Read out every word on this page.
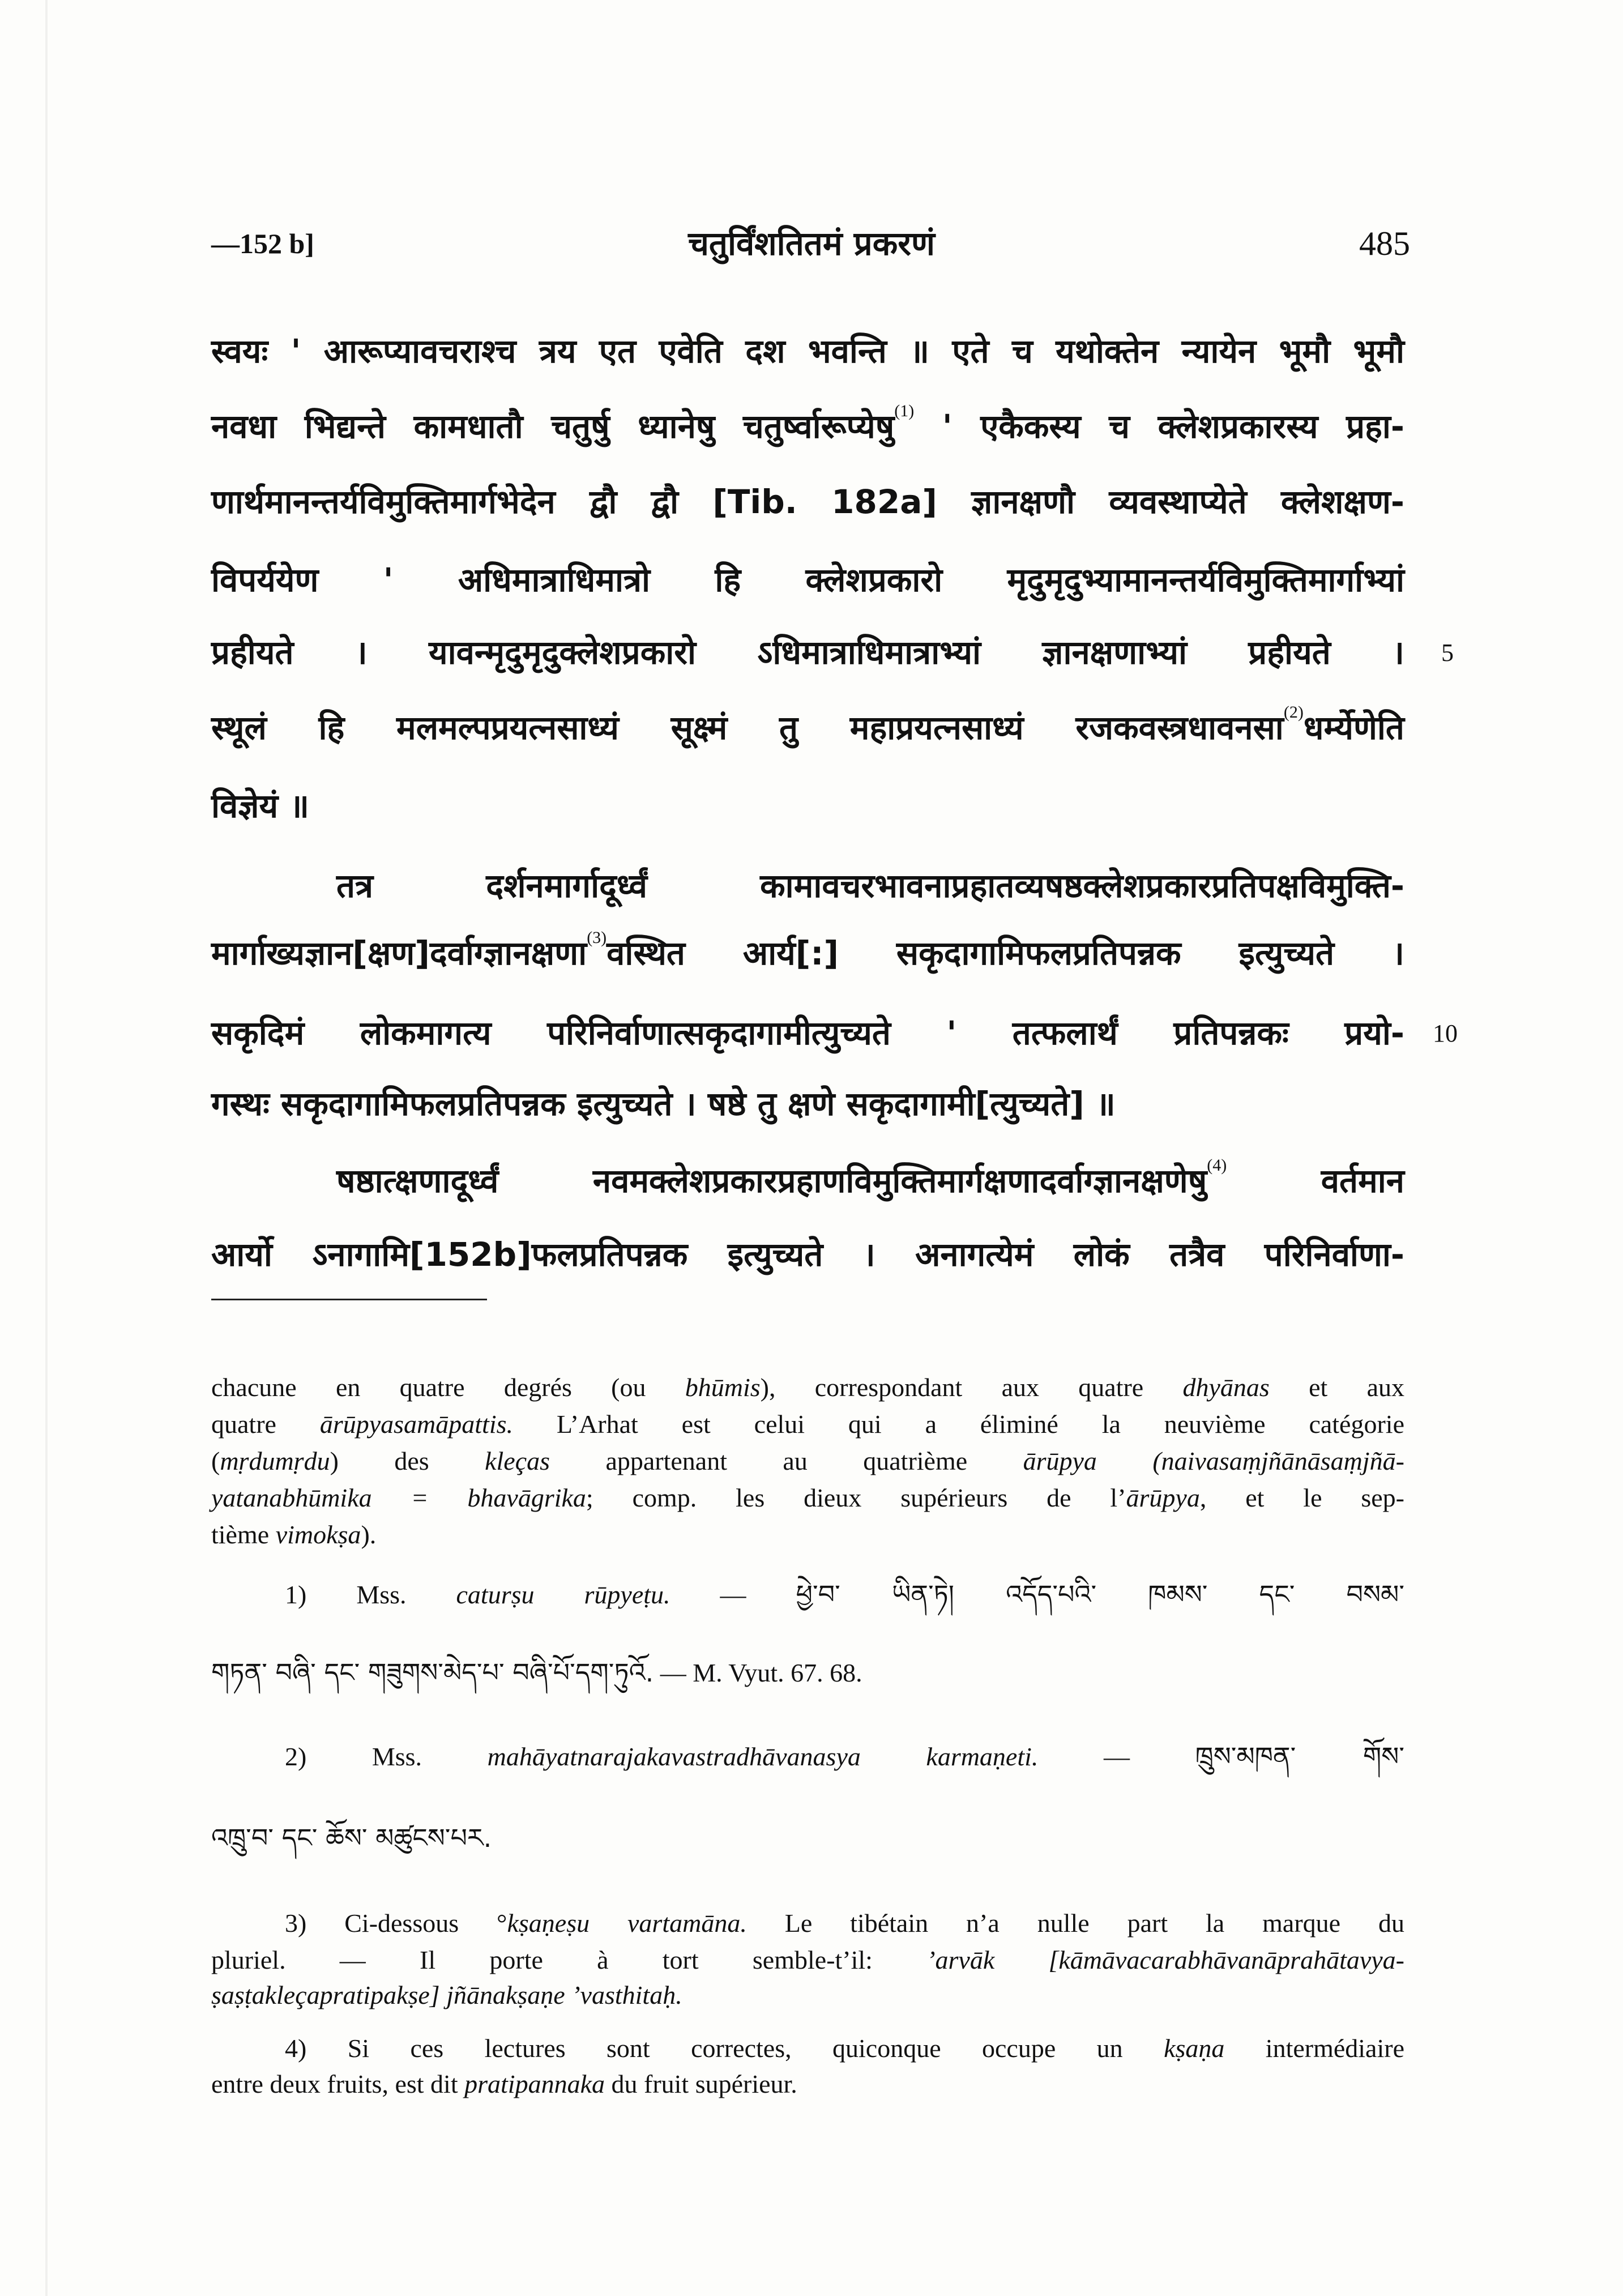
—152 b]	चतुर्विंशतितमं प्रकरणं	485
स्वयः ' आरूप्यावचराश्च त्रय एत एवेति दश भवन्ति ॥ एते च यथोक्तेन न्यायेन भूमौ भूमौ
नवधा भिद्यन्ते कामधातौ चतुर्षु ध्यानेषु चतुर्ष्वारूप्येषु$^{(1)}$ ' एकैकस्य च क्लेशप्रकारस्य प्रहा-
णार्थमानन्तर्यविमुक्तिमार्गभेदेन द्वौ द्वौ [Tib. 182a] ज्ञानक्षणौ व्यवस्थाप्येते क्लेशक्षण-
विपर्ययेण ' अधिमात्राधिमात्रो हि क्लेशप्रकारो मृदुमृदुभ्यामानन्तर्यविमुक्तिमार्गाभ्यां
प्रहीयते । यावन्मृदुमृदुक्लेशप्रकारो ऽधिमात्राधिमात्राभ्यां ज्ञानक्षणाभ्यां प्रहीयते । 5
स्थूलं हि मलमल्पप्रयत्नसाध्यं सूक्ष्मं तु महाप्रयत्नसाध्यं रजकवस्त्रधावनसा$^{(2)}$धर्म्येणेति
विज्ञेयं ॥
तत्र दर्शनमार्गादूर्ध्वं कामावचरभावनाप्रहातव्यषष्ठक्लेशप्रकारप्रतिपक्षविमुक्ति-
मार्गाख्यज्ञान[क्षण]दर्वाग्ज्ञानक्षणा$^{(3)}$वस्थित आर्य[:] सकृदागामिफलप्रतिपन्नक इत्युच्यते ।
सकृदिमं लोकमागत्य परिनिर्वाणात्सकृदागामीत्युच्यते ' तत्फलार्थं प्रतिपन्नकः प्रयो- 10
गस्थः सकृदागामिफलप्रतिपन्नक इत्युच्यते । षष्ठे तु क्षणे सकृदागामी[त्युच्यते] ॥
षष्ठात्क्षणादूर्ध्वं नवमक्लेशप्रकारप्रहाणविमुक्तिमार्गक्षणादर्वाग्ज्ञानक्षणेषु$^{(4)}$ वर्तमान
आर्यो ऽनागामि[152b]फलप्रतिपन्नक इत्युच्यते । अनागत्येमं लोकं तत्रैव परिनिर्वाणा-
chacune en quatre degrés (ou bhūmis), correspondant aux quatre dhyānas et aux
quatre ārūpyasamāpattis. L’Arhat est celui qui a éliminé la neuvième catégorie
(mṛdumṛdu) des kleças appartenant au quatrième ārūpya (naivasaṃjñānāsaṃjñā-
yatanabhūmika = bhavāgrika; comp. les dieux supérieurs de l’ārūpya, et le sep-
tième vimokṣa).
1) Mss. caturṣu rūpyeṭu. — ཕྱེ་བ་ ཡིན་ཏེ། འདོད་པའི་ ཁམས་ དང་ བསམ་
གཏན་ བཞི་ དང་ གཟུགས་མེད་པ་ བཞི་པོ་དག་ཏུའོ. — M. Vyut. 67. 68.
2) Mss. mahāyatnarajakavastradhāvanasya karmaṇeti. — ཁྲུས་མཁན་ གོས་
འཁྲུ་བ་ དང་ ཆོས་ མཚུངས་པར.
3) Ci-dessous °kṣaṇeṣu vartamāna. Le tibétain n’a nulle part la marque du
pluriel. — Il porte à tort semble-t’il: ’arvāk [kāmāvacarabhāvanāprahātavya-
ṣaṣṭakleçapratipakṣe] jñānakṣaṇe ’vasthitaḥ.
4) Si ces lectures sont correctes, quiconque occupe un kṣaṇa intermédiaire
entre deux fruits, est dit pratipannaka du fruit supérieur.
